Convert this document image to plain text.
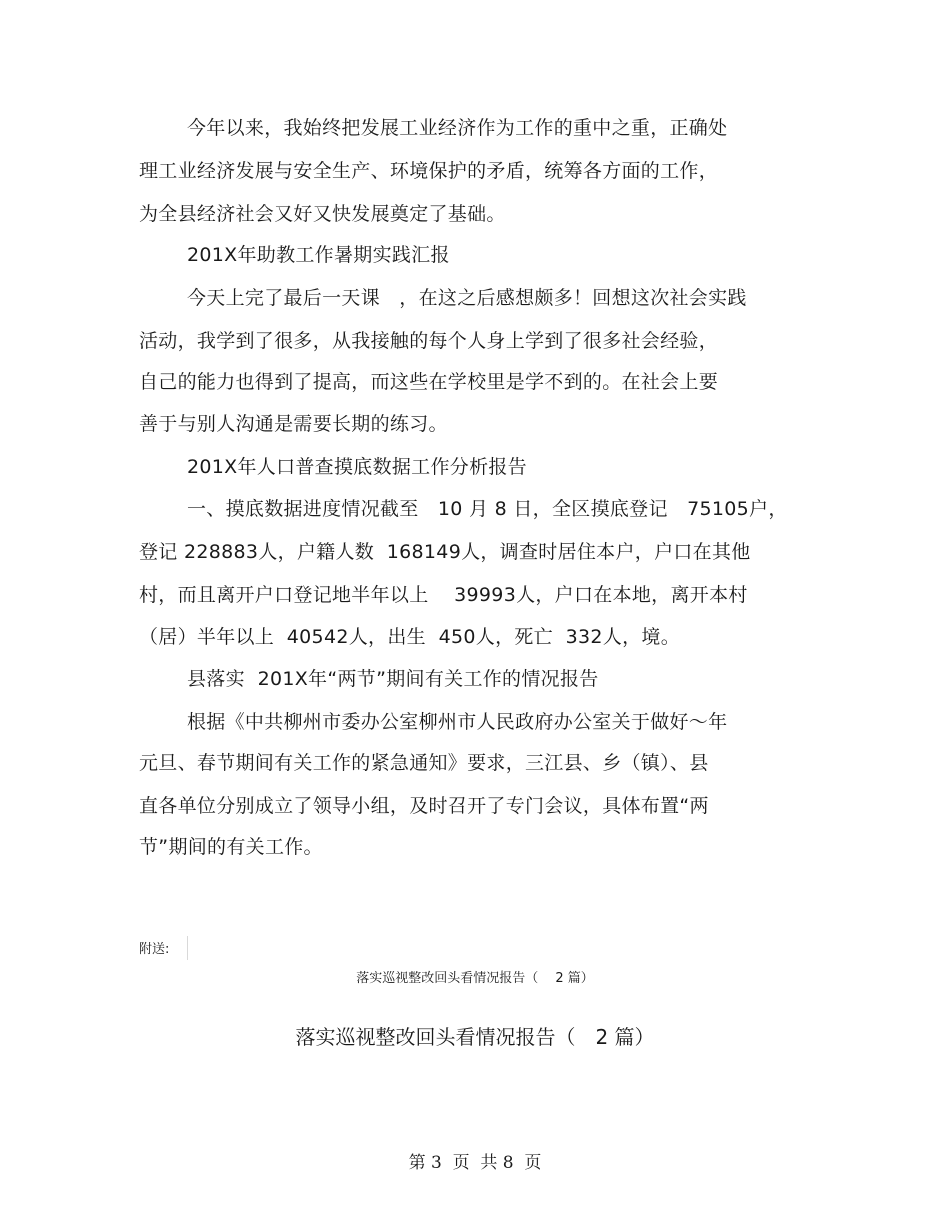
今年以来，我始终把发展工业经济作为工作的重中之重，正确处
理工业经济发展与安全生产、环境保护的矛盾，统筹各方面的工作，
为全县经济社会又好又快发展奠定了基础。
201X年助教工作暑期实践汇报
今天上完了最后一天课　，在这之后感想颇多！回想这次社会实践
活动，我学到了很多，从我接触的每个人身上学到了很多社会经验，
自己的能力也得到了提高，而这些在学校里是学不到的。在社会上要
善于与别人沟通是需要长期的练习。
201X年人口普查摸底数据工作分析报告
一、摸底数据进度情况截至　10 月 8 日，全区摸底登记　75105户，
登记 228883人，户籍人数  168149人，调查时居住本户，户口在其他
村，而且离开户口登记地半年以上　 39993人，户口在本地，离开本村
（居）半年以上  40542人，出生  450人，死亡  332人，境。
县落实  201X年“两节”期间有关工作的情况报告
根据《中共柳州市委办公室柳州市人民政府办公室关于做好～年
元旦、春节期间有关工作的紧急通知》要求，三江县、乡（镇）、县
直各单位分别成立了领导小组，及时召开了专门会议，具体布置“两
节”期间的有关工作。
附送:
落实巡视整改回头看情况报告（　 2 篇）
落实巡视整改回头看情况报告（　2 篇）
第 3  页  共 8  页
